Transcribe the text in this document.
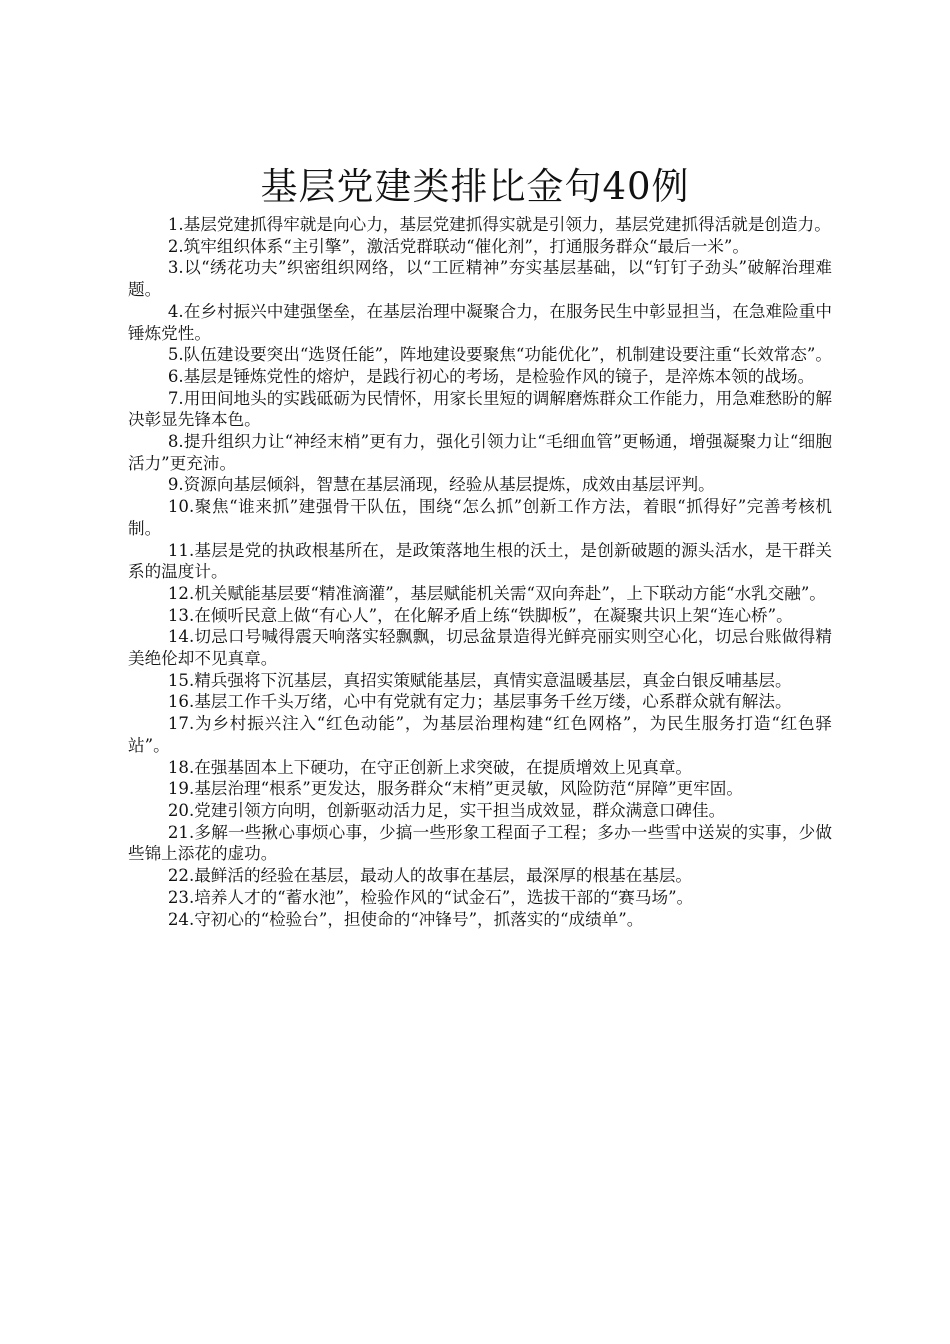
基层党建类排比金句40例

1.基层党建抓得牢就是向心力，基层党建抓得实就是引领力，基层党建抓得活就是创造力。

2.筑牢组织体系“主引擎”，激活党群联动“催化剂”，打通服务群众“最后一米”。

3.以“绣花功夫”织密组织网络，以“工匠精神”夯实基层基础，以“钉钉子劲头”破解治理难题。

4.在乡村振兴中建强堡垒，在基层治理中凝聚合力，在服务民生中彰显担当，在急难险重中锤炼党性。

5.队伍建设要突出“选贤任能”，阵地建设要聚焦“功能优化”，机制建设要注重“长效常态”。

6.基层是锤炼党性的熔炉，是践行初心的考场，是检验作风的镜子，是淬炼本领的战场。

7.用田间地头的实践砥砺为民情怀，用家长里短的调解磨炼群众工作能力，用急难愁盼的解决彰显先锋本色。

8.提升组织力让“神经末梢”更有力，强化引领力让“毛细血管”更畅通，增强凝聚力让“细胞活力”更充沛。

9.资源向基层倾斜，智慧在基层涌现，经验从基层提炼，成效由基层评判。

10.聚焦“谁来抓”建强骨干队伍，围绕“怎么抓”创新工作方法，着眼“抓得好”完善考核机制。

11.基层是党的执政根基所在，是政策落地生根的沃土，是创新破题的源头活水，是干群关系的温度计。

12.机关赋能基层要“精准滴灌”，基层赋能机关需“双向奔赴”，上下联动方能“水乳交融”。

13.在倾听民意上做“有心人”，在化解矛盾上练“铁脚板”，在凝聚共识上架“连心桥”。

14.切忌口号喊得震天响落实轻飘飘，切忌盆景造得光鲜亮丽实则空心化，切忌台账做得精美绝伦却不见真章。

15.精兵强将下沉基层，真招实策赋能基层，真情实意温暖基层，真金白银反哺基层。

16.基层工作千头万绪，心中有党就有定力；基层事务千丝万缕，心系群众就有解法。

17.为乡村振兴注入“红色动能”，为基层治理构建“红色网格”，为民生服务打造“红色驿站”。

18.在强基固本上下硬功，在守正创新上求突破，在提质增效上见真章。

19.基层治理“根系”更发达，服务群众“末梢”更灵敏，风险防范“屏障”更牢固。

20.党建引领方向明，创新驱动活力足，实干担当成效显，群众满意口碑佳。

21.多解一些揪心事烦心事，少搞一些形象工程面子工程；多办一些雪中送炭的实事，少做些锦上添花的虚功。

22.最鲜活的经验在基层，最动人的故事在基层，最深厚的根基在基层。

23.培养人才的“蓄水池”，检验作风的“试金石”，选拔干部的“赛马场”。

24.守初心的“检验台”，担使命的“冲锋号”，抓落实的“成绩单”。
